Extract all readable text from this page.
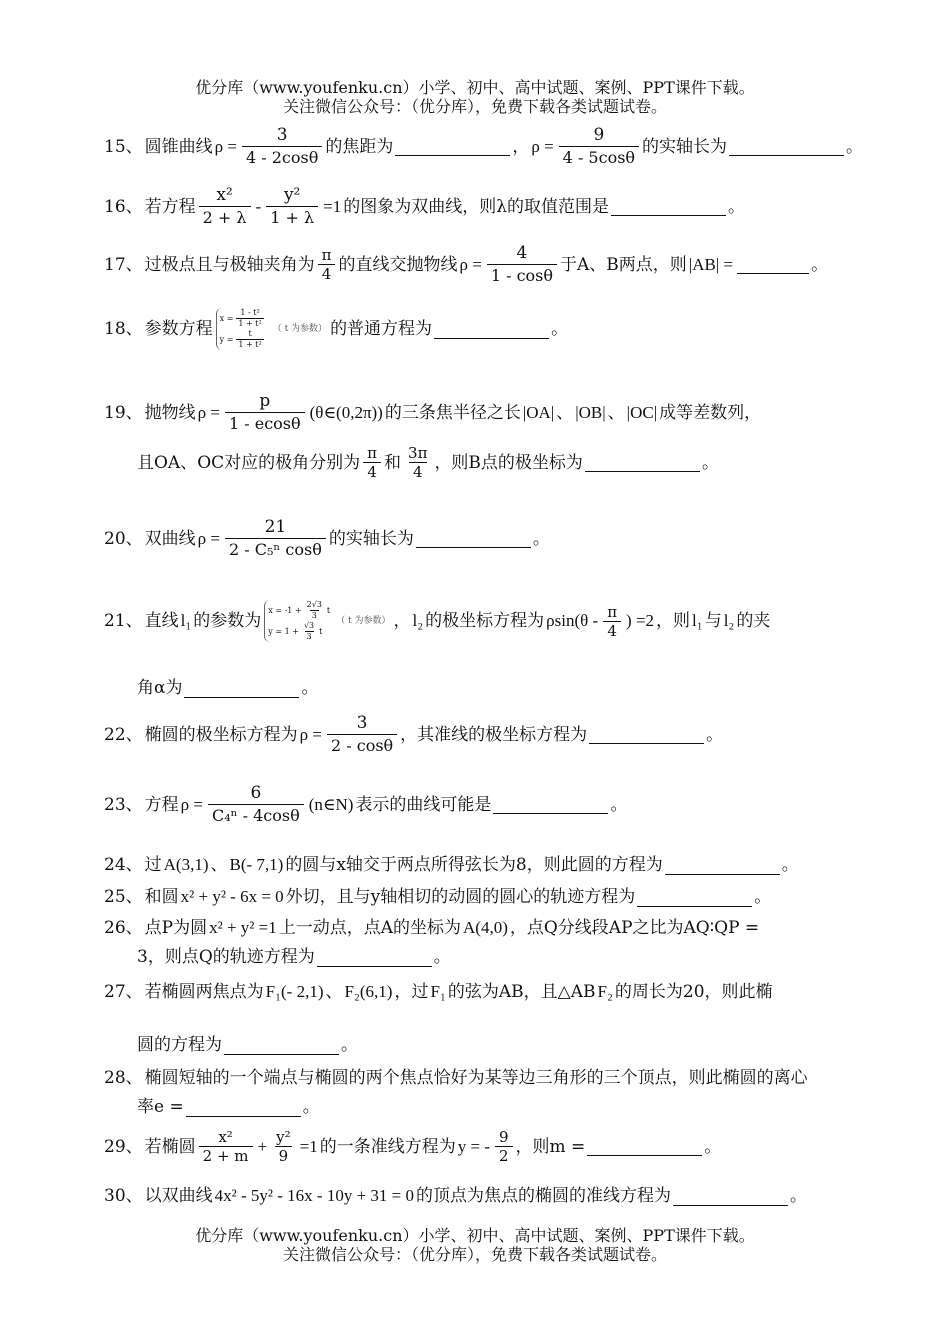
优分库（www.youfenku.cn）小学、初中、高中试题、案例、PPT课件下载。
关注微信公众号：（优分库），免费下载各类试题试卷。
15、 圆锥曲线 $\rho = \frac{3}{4 - 2\cos\theta}$ 的焦距为	， $\rho = \frac{9}{4 - 5\cos\theta}$ 的实轴长为	。
16、 若方程 $\frac{\text{x²}}{2 + \lambda} - \frac{\text{y²}}{1 + \lambda} =1$ 的图象为双曲线，则λ的取值范围是	。
17、 过极点且与极轴夹角为 $\frac{\pi}{4}$ 的直线交抛物线 $\rho = \frac{4}{1 - \cos\theta}$ 于A、B两点，则 |AB| =	。
18、 参数方程
$x = \frac{\text{1 - t²}}{\text{1 + t²}}$
$y = \frac{t}{\text{1 + t²}}$ （ t 为参数） 的普通方程为	。
19、 抛物线 $\rho = \frac{p}{1 - ecos\theta}$ (θ∈(0,2π)) 的三条焦半径之长 |OA| 、 |OB| 、 |OC| 成等差数列，
且OA、OC对应的极角分别为 $\frac{\pi}{4}$ 和 $\frac{3\pi}{4}$ ，则B点的极坐标为	。
20、 双曲线 $\rho = \frac{21}{\text{2 - C₅ⁿ cosθ}}$ 的实轴长为	。
21、 直线 l₁ 的参数为
$x = -1 + \frac{2√3}{3}$ t
$y = 1 + \frac{√3}{3}$ t
（ t 为参数） ， l₂ 的极坐标方程为 $\rho\sin(\theta - \frac{\pi}{4}$ ) =2 ，则 l₁ 与 l₂ 的夹
角α为	。
22、 椭圆的极坐标方程为 $\rho = \frac{3}{2 - \cos\theta}$ ，其准线的极坐标方程为	。
23、 方程 $\rho = \frac{6}{\text{C₄ⁿ - 4cosθ}}$ (n∈N) 表示的曲线可能是	。
24、 过 A(3,1) 、 B(- 7,1) 的圆与x轴交于两点所得弦长为8，则此圆的方程为	。
25、 和圆 x² + y² - 6x = 0 外切，且与y轴相切的动圆的圆心的轨迹方程为	。
26、 点P为圆 x² + y² =1 上一动点，点A的坐标为 A(4,0) ，点Q分线段AP之比为AQ∶QP =
3，则点Q的轨迹方程为	。
27、 若椭圆两焦点为 F₁(- 2,1) 、 F₂(6,1) ，过 F₁ 的弦为AB，且△AB F₂ 的周长为20，则此椭
圆的方程为	。
28、 椭圆短轴的一个端点与椭圆的两个焦点恰好为某等边三角形的三个顶点，则此椭圆的离心
率e =	。
29、 若椭圆 $\frac{\text{x²}}{2 + m} + \frac{\text{y²}}{9} =1$ 的一条准线方程为 y = - $\frac{9}{2}$ ，则m =	。
30、 以双曲线 4x² - 5y² - 16x - 10y + 31 = 0 的顶点为焦点的椭圆的准线方程为	。
优分库（www.youfenku.cn）小学、初中、高中试题、案例、PPT课件下载。
关注微信公众号：（优分库），免费下载各类试题试卷。
